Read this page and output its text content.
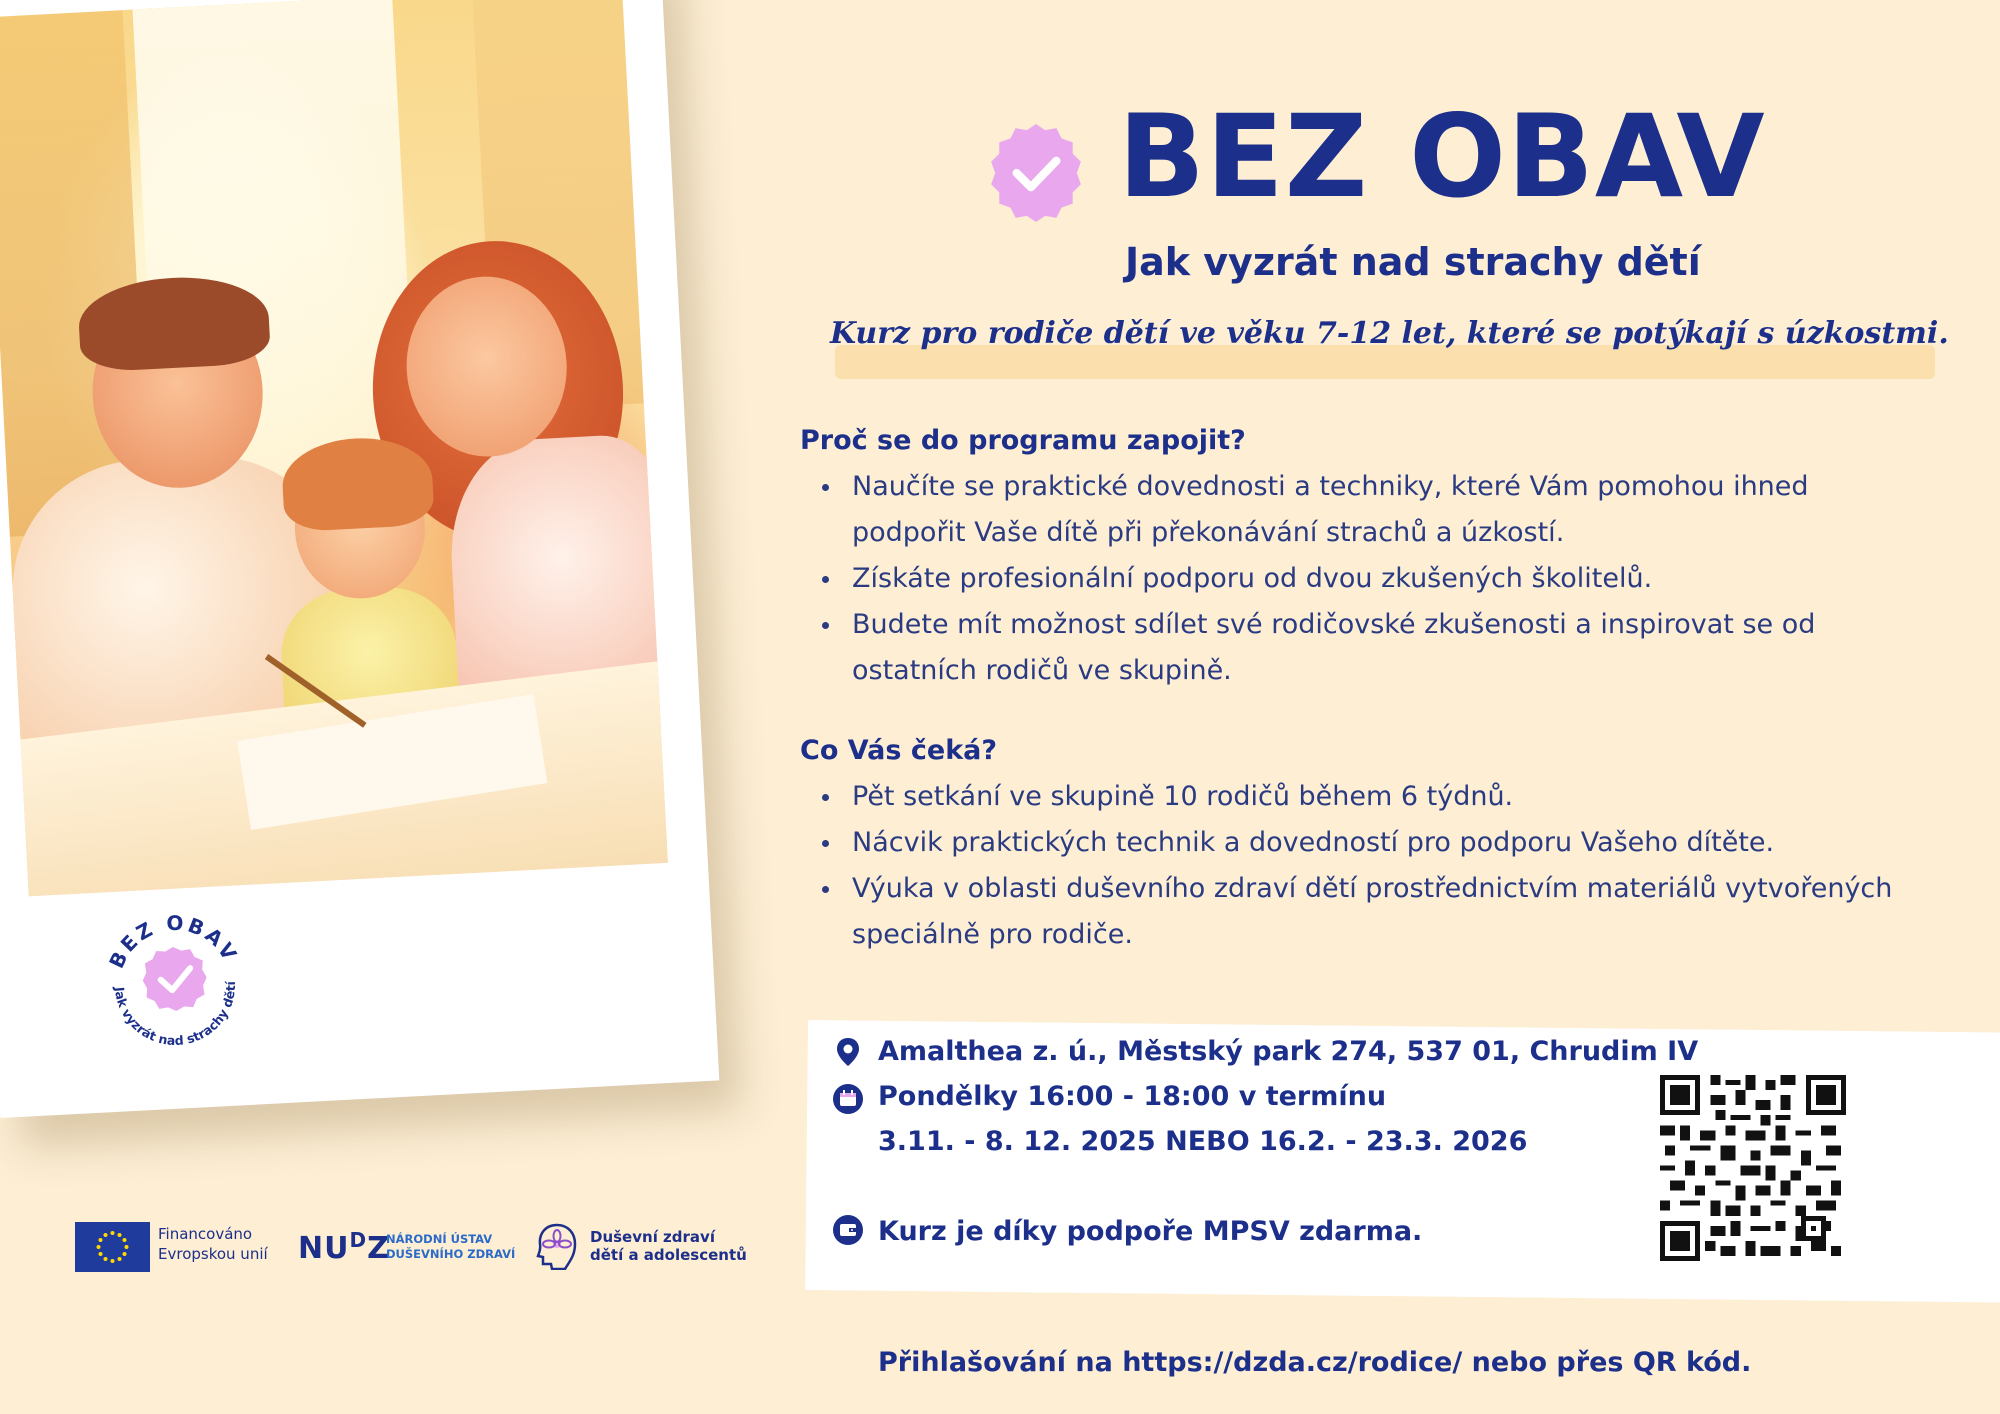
BEZ OBAV
Jak vyzrát nad strachy dětí
BEZ OBAV

Jak vyzrát nad strachy dětí

Kurz pro rodiče dětí ve věku 7-12 let, které se potýkají s úzkostmi.

Proč se do programu zapojit?
Naučíte se praktické dovednosti a techniky, které Vám pomohou ihned
podpořit Vaše dítě při překonávání strachů a úzkostí.
Získáte profesionální podporu od dvou zkušených školitelů.
Budete mít možnost sdílet své rodičovské zkušenosti a inspirovat se od
ostatních rodičů ve skupině.
Co Vás čeká?
Pět setkání ve skupině 10 rodičů během 6 týdnů.
Nácvik praktických technik a dovedností pro podporu Vašeho dítěte.
Výuka v oblasti duševního zdraví dětí prostřednictvím materiálů vytvořených
speciálně pro rodiče.
Amalthea z. ú., Městský park 274, 537 01, Chrudim IV
Pondělky 16:00 - 18:00 v termínu
3.11. - 8. 12. 2025 NEBO 16.2. - 23.3. 2026
Kurz je díky podpoře MPSV zdarma.

Přihlašování na https://dzda.cz/rodice/ nebo přes QR kód.

Financováno
Evropskou unií $NU^DZ$
NÁRODNÍ ÚSTAV
DUŠEVNÍHO ZDRAVÍ
Duševní zdraví
dětí a adolescentů
